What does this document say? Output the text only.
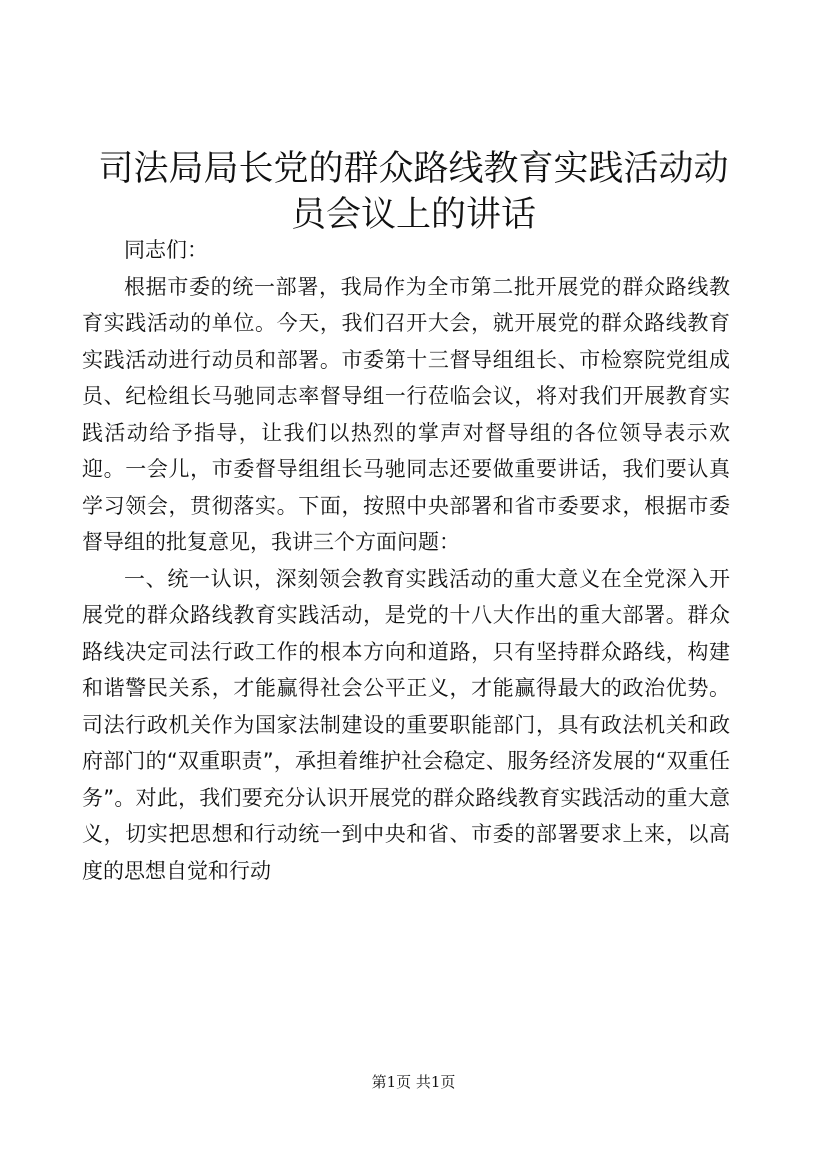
司法局局长党的群众路线教育实践活动动员会议上的讲话

同志们：

根据市委的统一部署，我局作为全市第二批开展党的群众路线教育实践活动的单位。今天，我们召开大会，就开展党的群众路线教育实践活动进行动员和部署。市委第十三督导组组长、市检察院党组成员、纪检组长马驰同志率督导组一行莅临会议，将对我们开展教育实践活动给予指导，让我们以热烈的掌声对督导组的各位领导表示欢迎。一会儿，市委督导组组长马驰同志还要做重要讲话，我们要认真学习领会，贯彻落实。下面，按照中央部署和省市委要求，根据市委督导组的批复意见，我讲三个方面问题：

一、统一认识，深刻领会教育实践活动的重大意义在全党深入开展党的群众路线教育实践活动，是党的十八大作出的重大部署。群众路线决定司法行政工作的根本方向和道路，只有坚持群众路线，构建和谐警民关系，才能赢得社会公平正义，才能赢得最大的政治优势。司法行政机关作为国家法制建设的重要职能部门，具有政法机关和政府部门的“双重职责”，承担着维护社会稳定、服务经济发展的“双重任务”。对此，我们要充分认识开展党的群众路线教育实践活动的重大意义，切实把思想和行动统一到中央和省、市委的部署要求上来，以高度的思想自觉和行动

第1页 共1页
